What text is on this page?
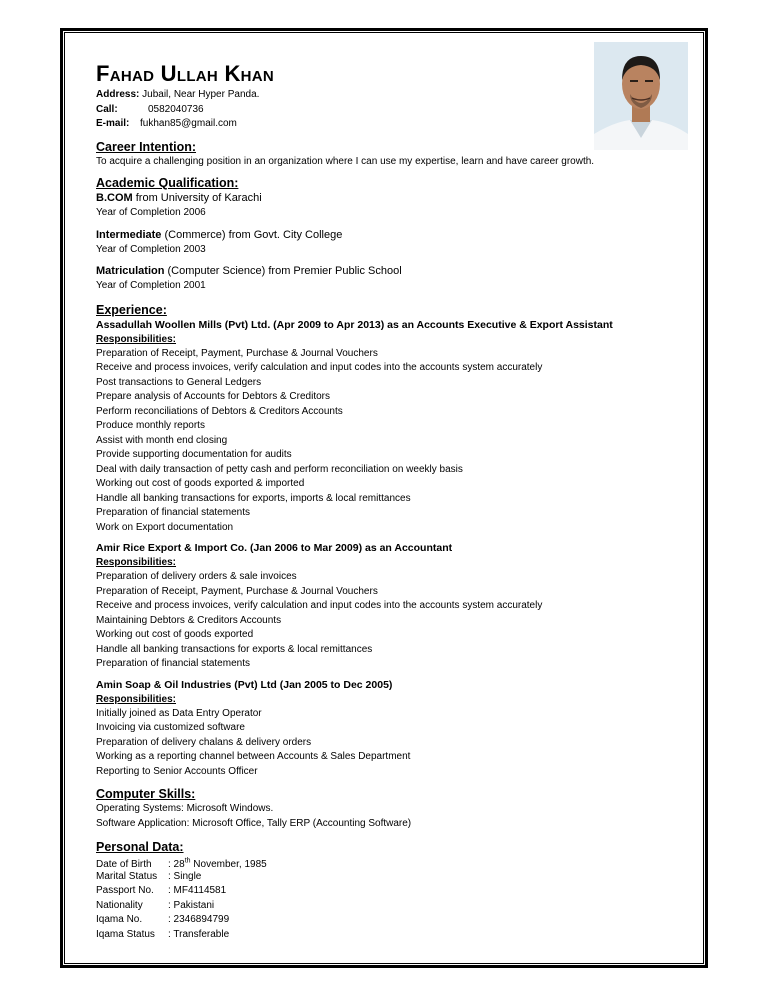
Fahad Ullah Khan
Address: Jubail, Near Hyper Panda.
Call:	0582040736
E-mail: fukhan85@gmail.com
Career Intention:
To acquire a challenging position in an organization where I can use my expertise, learn and have career growth.
Academic Qualification:
B.COM from University of Karachi
Year of Completion 2006
Intermediate (Commerce) from Govt. City College
Year of Completion 2003
Matriculation (Computer Science) from Premier Public School
Year of Completion 2001
Experience:
Assadullah Woollen Mills (Pvt) Ltd. (Apr 2009 to Apr 2013) as an Accounts Executive & Export Assistant
Responsibilities:
Preparation of Receipt, Payment, Purchase & Journal Vouchers
Receive and process invoices, verify calculation and input codes into the accounts system accurately
Post transactions to General Ledgers
Prepare analysis of Accounts for Debtors & Creditors
Perform reconciliations of Debtors & Creditors Accounts
Produce monthly reports
Assist with month end closing
Provide supporting documentation for audits
Deal with daily transaction of petty cash and perform reconciliation on weekly basis
Working out cost of goods exported & imported
Handle all banking transactions for exports, imports & local remittances
Preparation of financial statements
Work on Export documentation
Amir Rice Export & Import Co. (Jan 2006 to Mar 2009) as an Accountant
Responsibilities:
Preparation of delivery orders & sale invoices
Preparation of Receipt, Payment, Purchase & Journal Vouchers
Receive and process invoices, verify calculation and input codes into the accounts system accurately
Maintaining Debtors & Creditors Accounts
Working out cost of goods exported
Handle all banking transactions for exports & local remittances
Preparation of financial statements
Amin Soap & Oil Industries (Pvt) Ltd (Jan 2005 to Dec 2005)
Responsibilities:
Initially joined as Data Entry Operator
Invoicing via customized software
Preparation of delivery chalans & delivery orders
Working as a reporting channel between Accounts & Sales Department
Reporting to Senior Accounts Officer
Computer Skills:
Operating Systems: Microsoft Windows.
Software Application: Microsoft Office, Tally ERP (Accounting Software)
Personal Data:
Date of Birth : 28th November, 1985
Marital Status : Single
Passport No. : MF4114581
Nationality	: Pakistani
Iqama No.	: 2346894799
Iqama Status : Transferable
